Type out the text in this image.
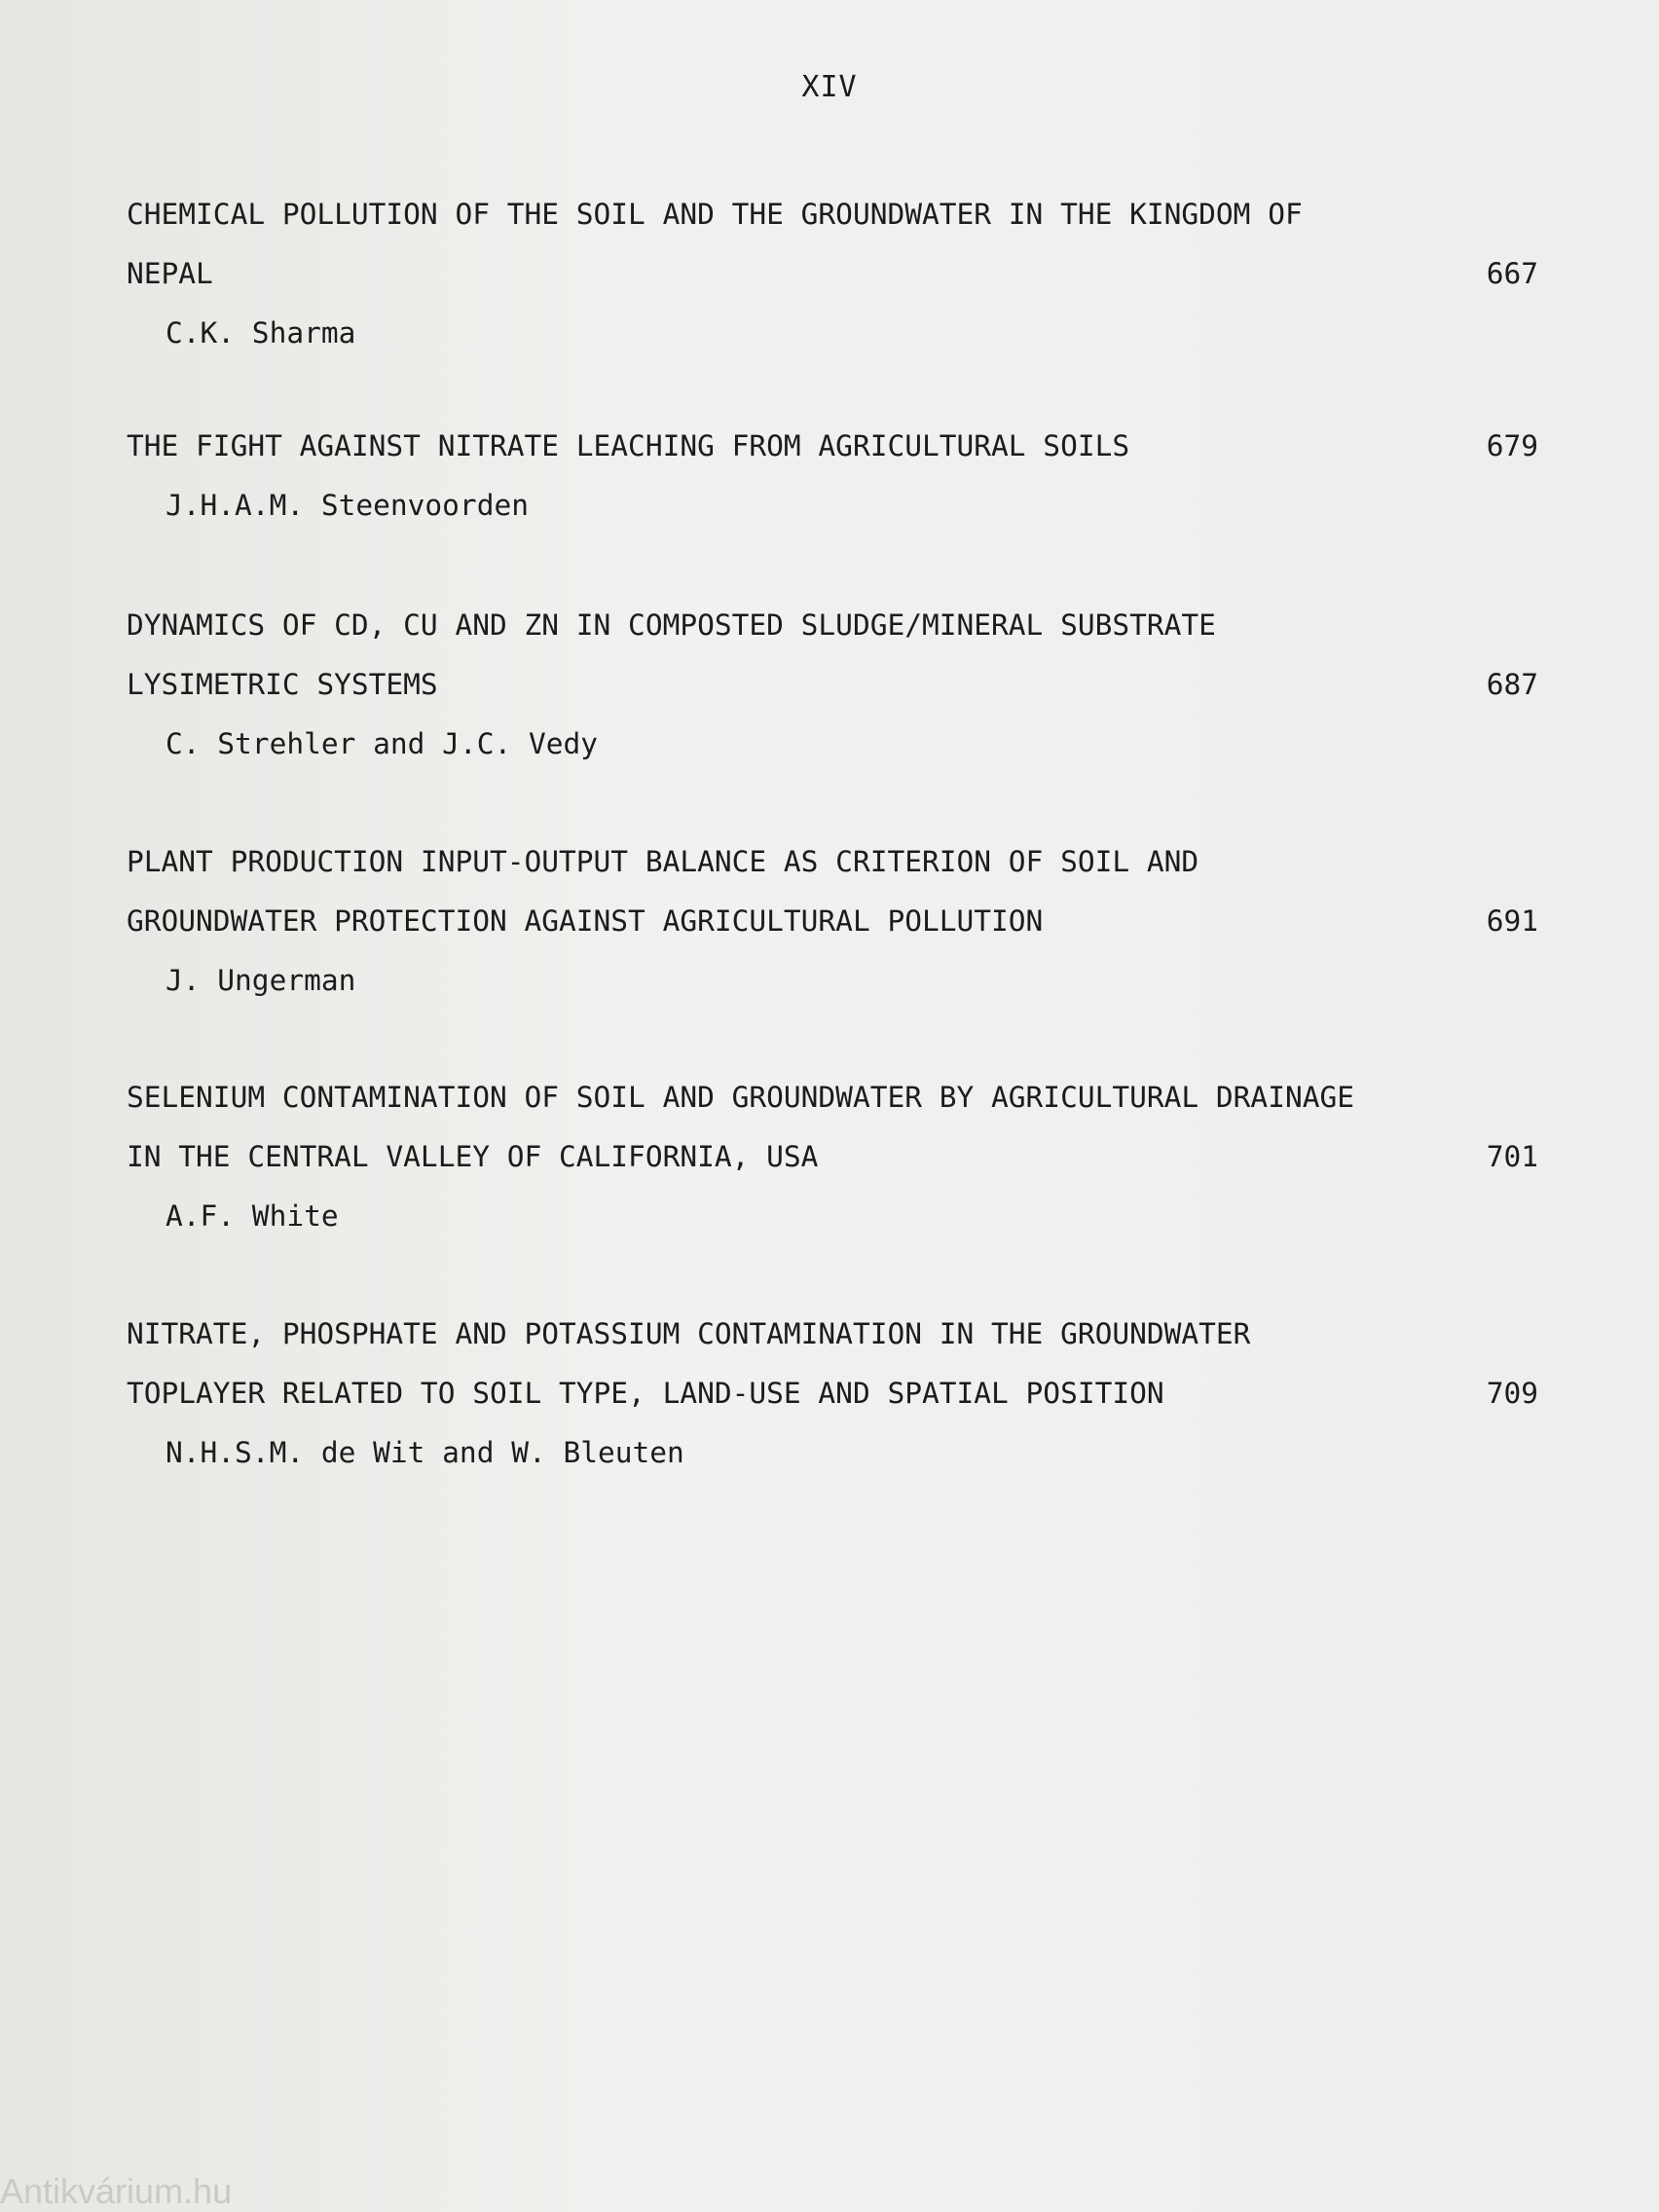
XIV
CHEMICAL POLLUTION OF THE SOIL AND THE GROUNDWATER IN THE KINGDOM OF
NEPAL	667
C.K. Sharma
THE FIGHT AGAINST NITRATE LEACHING FROM AGRICULTURAL SOILS	679
J.H.A.M. Steenvoorden
DYNAMICS OF CD, CU AND ZN IN COMPOSTED SLUDGE/MINERAL SUBSTRATE
LYSIMETRIC SYSTEMS	687
C. Strehler and J.C. Vedy
PLANT PRODUCTION INPUT-OUTPUT BALANCE AS CRITERION OF SOIL AND
GROUNDWATER PROTECTION AGAINST AGRICULTURAL POLLUTION	691
J. Ungerman
SELENIUM CONTAMINATION OF SOIL AND GROUNDWATER BY AGRICULTURAL DRAINAGE
IN THE CENTRAL VALLEY OF CALIFORNIA, USA	701
A.F. White
NITRATE, PHOSPHATE AND POTASSIUM CONTAMINATION IN THE GROUNDWATER
TOPLAYER RELATED TO SOIL TYPE, LAND-USE AND SPATIAL POSITION	709
N.H.S.M. de Wit and W. Bleuten
Antikvárium.hu
